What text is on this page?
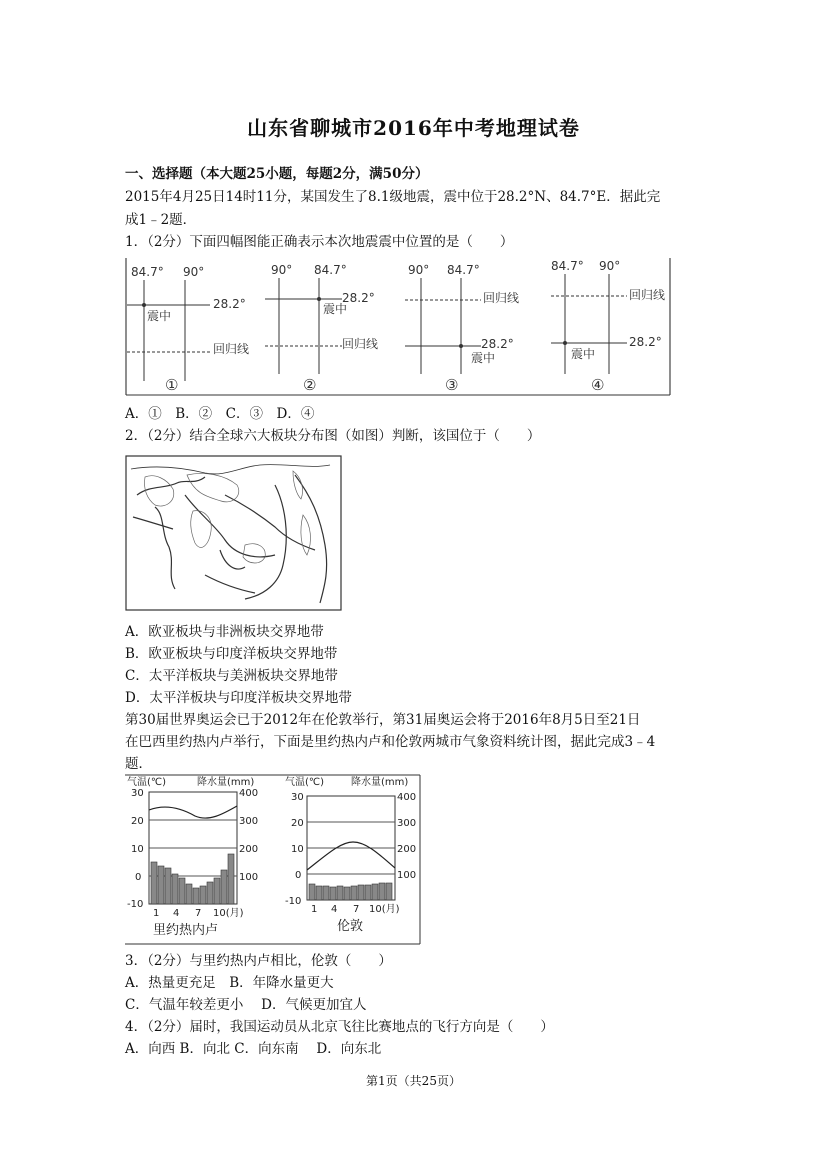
山东省聊城市2016年中考地理试卷
一、选择题（本大题25小题，每题2分，满50分）
2015年4月25日14时11分，某国发生了8.1级地震，震中位于28.2°N、84.7°E．据此完
成1﹣2题．
1．（2分）下面四幅图能正确表示本次地震震中位置的是（　　）
84.7° 90°
28.2°
震中
回归线
①
90° 84.7°
28.2°
震中
回归线
②
90° 84.7°
回归线
28.2°
震中
③
84.7° 90°
回归线
28.2°
震中
④
A．①　B．②　C．③　D．④
2．（2分）结合全球六大板块分布图（如图）判断，该国位于（　　）
A．欧亚板块与非洲板块交界地带
B．欧亚板块与印度洋板块交界地带
C．太平洋板块与美洲板块交界地带
D．太平洋板块与印度洋板块交界地带
第30届世界奥运会已于2012年在伦敦举行，第31届奥运会将于2016年8月5日至21日
在巴西里约热内卢举行，下面是里约热内卢和伦敦两城市气象资料统计图，据此完成3﹣4
题．
气温(℃)	降水量(mm)
30
20
10
0
-10
400
300
200
100
1 4 7 10(月)
里约热内卢
气温(℃)	降水量(mm)
30
20
10
0
-10
400
300
200
100
1 4 7 10(月)
伦敦
3．（2分）与里约热内卢相比，伦敦（　　）
A．热量更充足　B．年降水量更大
C．气温年较差更小　 D．气候更加宜人
4．（2分）届时，我国运动员从北京飞往比赛地点的飞行方向是（　　）
A．向西 B．向北 C．向东南　 D．向东北
第1页（共25页）
